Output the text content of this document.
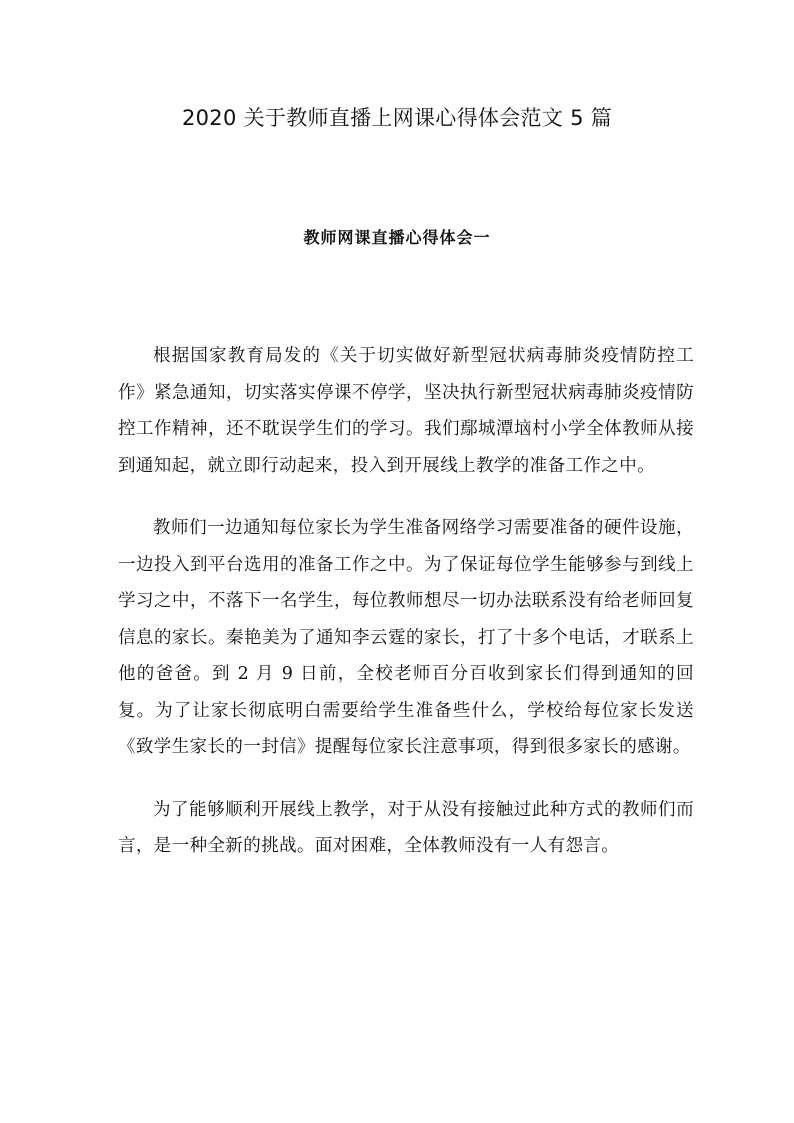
2020 关于教师直播上网课心得体会范文 5 篇
教师网课直播心得体会一

根据国家教育局发的《关于切实做好新型冠状病毒肺炎疫情防控工作》紧急通知，切实落实停课不停学，坚决执行新型冠状病毒肺炎疫情防控工作精神，还不耽误学生们的学习。我们鄢城潭垴村小学全体教师从接到通知起，就立即行动起来，投入到开展线上教学的准备工作之中。

教师们一边通知每位家长为学生准备网络学习需要准备的硬件设施，一边投入到平台选用的准备工作之中。为了保证每位学生能够参与到线上学习之中，不落下一名学生，每位教师想尽一切办法联系没有给老师回复信息的家长。秦艳美为了通知李云霆的家长，打了十多个电话，才联系上他的爸爸。到 2 月 9 日前，全校老师百分百收到家长们得到通知的回复。为了让家长彻底明白需要给学生准备些什么，学校给每位家长发送《致学生家长的一封信》提醒每位家长注意事项，得到很多家长的感谢。

为了能够顺利开展线上教学，对于从没有接触过此种方式的教师们而言，是一种全新的挑战。面对困难，全体教师没有一人有怨言。
